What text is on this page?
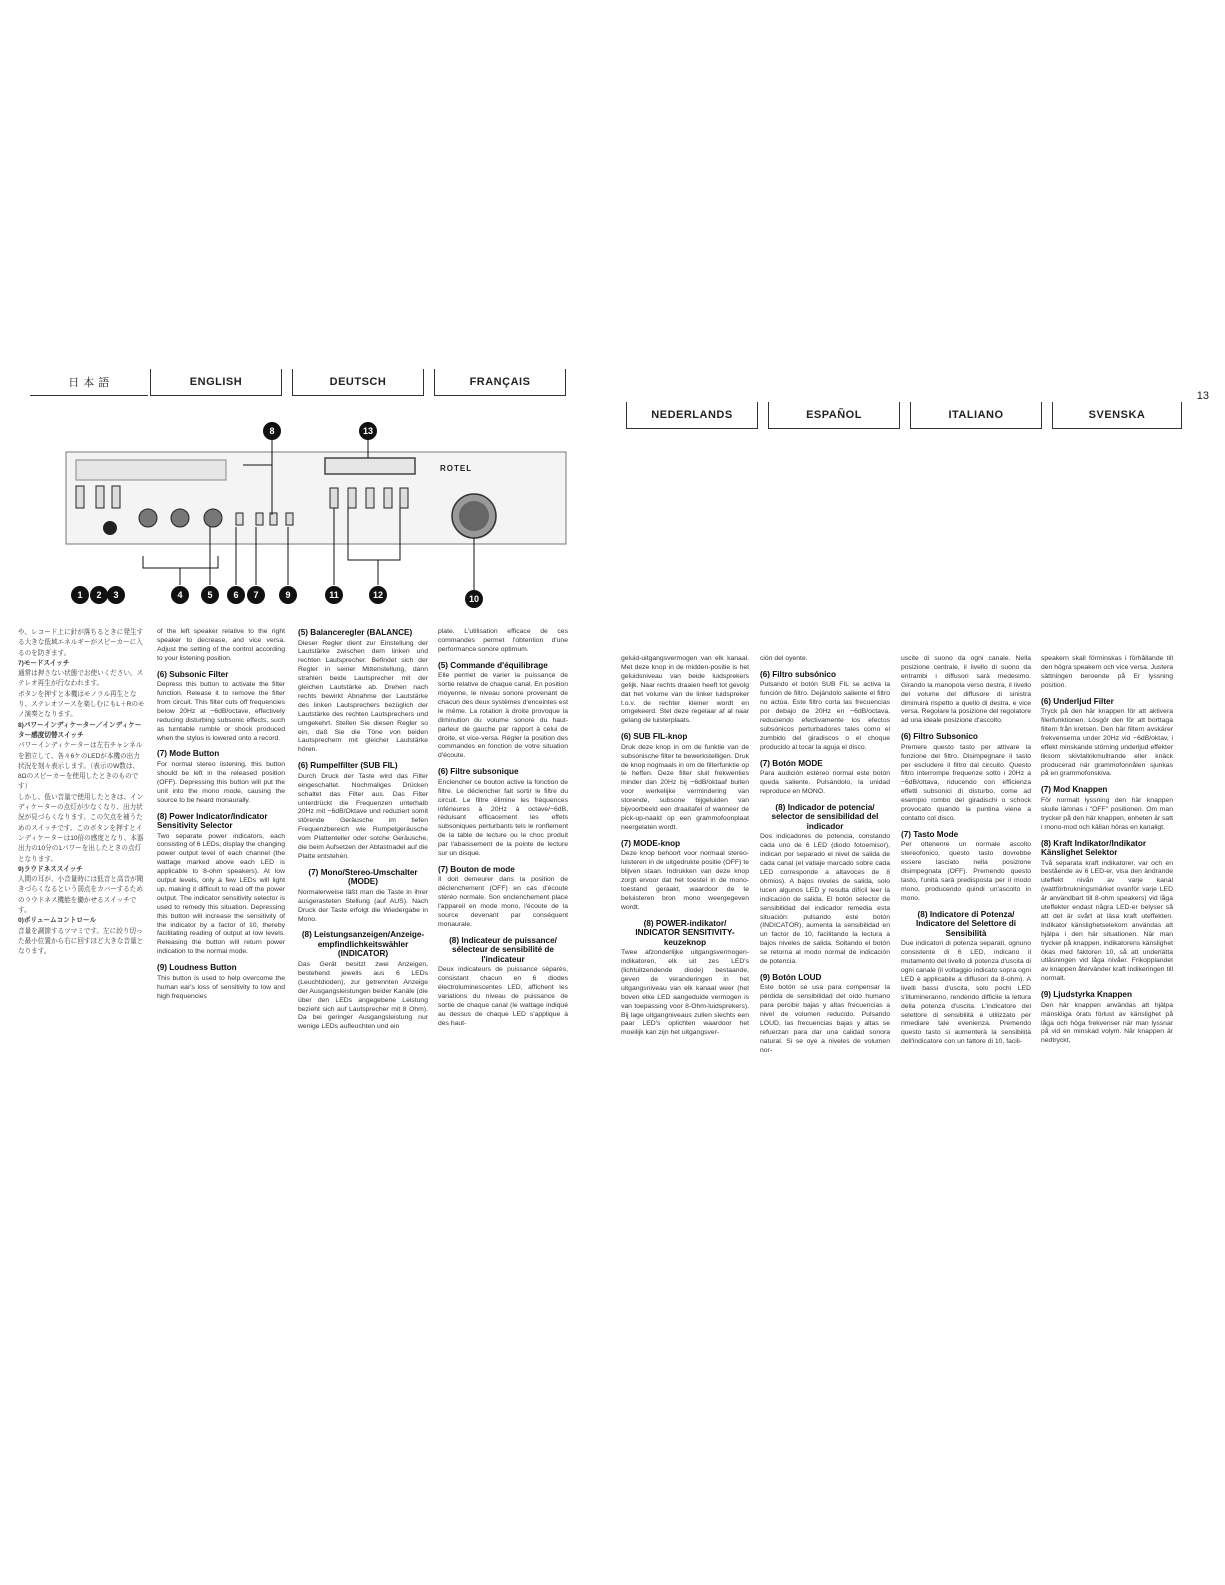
日 本 語	ENGLISH	DEUTSCH	FRANÇAIS
NEDERLANDS	ESPAÑOL	ITALIANO	SVENSKA
13
ROTEL
1 2 3	4	5 6 7
8
9	10
11	12
13

や、レコード上に針が落ちるときに発生する大きな低域エネルギーがスピーカーに入るのを防ぎます。

7)モードスイッチ

通常は押さない状態でお使いください。ステレオ再生が行なわれます。

ボタンを押すと本機はモノラル再生となり、ステレオソースを楽しむにもL＋Rのモノ演奏となります。

8)パワーインディケーター／インディケーター感度切替スイッチ

パワーインディケーターは左右チャンネルを独立して、各々6ケのLEDが本機の出力状況を刻々表示します。（表示のW数は、8Ωのスピーカーを使用したときのものです）

しかし、低い音量で使用したときは、インディケーターの点灯が少なくなり、出力状況が見づらくなります。この欠点を補うためのスイッチです。このボタンを押すとインディケーターは10倍の感度となり、本器出力の10分の1パワーを出したときの点灯となります。

9)ラウドネススイッチ

人間の耳が、小音量時には低音と高音が聞きづらくなるという弱点をカバーするためのラウドネス機能を働かせるスイッチです。

0)ボリュームコントロール

音量を調節するツマミです。左に絞り切った最小位置から右に回すほど大きな音量となります。

of the left speaker relative to the right speaker to decrease, and vice versa. Adjust the setting of the control according to your listening position.

(6) Subsonic Filter

Depress this button to activate the filter function. Release it to remove the filter from circuit. This filter cuts off frequencies below 20Hz at −6dB/octave, effectively reducing disturbing subsonic effects, such as turntable rumble or shock produced when the stylus is lowered onto a record.

(7) Mode Button

For normal stereo listening, this button should be left in the released position (OFF). Depressing this button will put the unit into the mono mode, causing the source to be heard monaurally.

(8) Power Indicator/Indicator Sensitivity Selector

Two separate power indicators, each consisting of 6 LEDs, display the changing power output level of each channel (the wattage marked above each LED is applicable to 8-ohm speakers). At low output levels, only a few LEDs will light up, making it difficult to read off the power output. The indicator sensitivity selector is used to remedy this situation. Depressing this button will increase the sensitivity of the indicator by a factor of 10, thereby facilitating reading of output at low levels. Releasing the button will return power indication to the normal mode.

(9) Loudness Button

This button is used to help overcome the human ear's loss of sensitivity to low and high frequencies

(5) Balanceregler (BALANCE)

Dieser Regler dient zur Einstellung der Lautstärke zwischen dem linken und rechten Lautsprecher. Befindet sich der Regler in seiner Mittenstellung, dann strahlen beide Lautsprecher mit der gleichen Lautstärke ab. Drehen nach rechts bewirkt Abnahme der Lautstärke des linken Lautsprechers bezüglich der Lautstärke des rechten Lautsprechers und umgekehrt. Stellen Sie diesen Regler so ein, daß Sie die Töne von beiden Lautsprechern mit gleicher Lautstärke hören.

(6) Rumpelfilter (SUB FIL)

Durch Druck der Taste wird das Filter eingeschaltet. Nochmaliges Drücken schaltet das Filter aus. Das Filter unterdrückt die Frequenzen unterhalb 20Hz mit −6dB/Oktave und reduziert somit störende Geräusche im tiefen Frequenzbereich wie Rumpelgeräusche vom Plattenteller oder solche Geräusche, die beim Aufsetzen der Abtastnadel auf die Platte entstehen.

(7) Mono/Stereo-Umschalter (MODE)

Normalerweise läßt man die Taste in ihrer ausgerasteten Stellung (auf AUS). Nach Druck der Taste erfolgt die Wiedergabe in Mono.

(8) Leistungsanzeigen/Anzeige-empfindlichkeitswähler (INDICATOR)

Das Gerät besitzt zwei Anzeigen, bestehend jeweils aus 6 LEDs (Leuchtdioden), zur getrennten Anzeige der Ausgangsleistungen beider Kanäle (die über den LEDs angegebene Leistung bezieht sich auf Lautsprecher mit 8 Ohm). Da bei geringer Ausgangsleistung nur wenige LEDs aufleuchten und ein

plate. L'utilisation efficace de ces commandes permet l'obtention d'une performance sonore optimum.

(5) Commande d'équilibrage

Elle permet de varier la puissance de sortie relative de chaque canal. En position moyenne, le niveau sonore provenant de chacun des deux systèmes d'enceintes est le même. La rotation à droite provoque la diminution du volume sonore du haut-parleur de gauche par rapport à celui de droite, et vice-versa. Régler la position des commandes en fonction de votre situation d'écoute.

(6) Filtre subsonique

Enclencher ce bouton active la fonction de filtre. Le déclencher fait sortir le filtre du circuit. Le filtre élimine les fréquences inférieures à 20Hz à octave/−6dB, réduisant efficacement les effets subsoniques perturbants tels le ronflement de la table de lecture ou le choc produit par l'abaissement de la pointe de lecture sur un disque.

(7) Bouton de mode

Il doit demeurer dans la position de déclenchement (OFF) en cas d'écoute stéréo normale. Son enclenchement place l'appareil en mode mono, l'écoute de la source devenant par conséquent monaurale.

(8) Indicateur de puissance/ sélecteur de sensibilité de l'indicateur

Deux indicateurs de puissance séparés, consistant chacun en 6 diodes électroluminescentes LED, affichent les variations du niveau de puissance de sortie de chaque canal (le wattage indiqué au dessus de chaque LED s'applique à des haut-

geluid-uitgangsvermogen van elk kanaal. Met deze knop in de midden-positie is het geluidsniveau van beide luidsprekers gelijk. Naar rechts draaien heeft tot gevolg dat het volume van de linker luidspreker t.o.v. de rechter kleiner wordt en omgekeerd. Stel deze regelaar af al naar gelang de luisterplaats.

(6) SUB FIL-knop

Druk deze knop in om de funktie van de subsonische filter te bewerkstelligen. Druk de knop nogmaals in om de filterfunktie op te heffen. Deze filter sluit frekwenties minder dan 20Hz bij −6dB/oktaaf buiten voor werkelijke vermindering van storende, subsone bijgeluiden van bijvoorbeeld een draaitafel of wanneer de pick-up-naald op een grammofoonplaat neergelaten wordt.

(7) MODE-knop

Deze knop behoort voor normaal stereo-luisteren in de uitgedrukte positie (OFF) te blijven staan. Indrukken van deze knop zorgt ervoor dat het toestel in de mono-toestand geraakt, waardoor de te beluisteren bron mono weergegeven wordt.

(8) POWER-indikator/ INDICATOR SENSITIVITY-keuzeknop

Twee afzonderlijke uitgangsvermogen-indikatoren, elk uit zes LED's (lichtuitzendende diode) bestaande, geven de veranderingen in het uitgangsniveau van elk kanaal weer (het boven elke LED aangeduide vermogen is van toepassing voor 8-Ohm-luidsprekers). Bij lage uitgangniveaus zullen slechts een paar LED's oplichten waardoor het moeilijk kan zijn het uitgangsver-

ción del oyente.

(6) Filtro subsónico

Pulsando el botón SUB FIL se activa la función de filtro. Dejándolo saliente el filtro no actúa. Este filtro corta las frecuencias por debajo de 20Hz en −6dB/octava, reduciendo efectivamente los efectos subsónicos perturbadores tales como el zumbido del giradiscos o el choque producido al tocar la aguja el disco.

(7) Botón MODE

Para audición estéreo normal este botón queda saliente. Pulsándolo, la unidad reproduce en MONO.

(8) Indicador de potencia/ selector de sensibilidad del indicador

Dos indicadores de potencia, constando cada uno de 6 LED (diodo fotoemisor), indican por separado el nivel de salida de cada canal (el vatiaje marcado sobre cada LED corresponde a altavoces de 8 ohmios). A bajos niveles de salida, solo lucen algunos LED y resulta difícil leer la indicación de salida. El botón selector de sensibilidad del indicador remedia esta situación: pulsando este botón (INDICATOR), aumenta la sensibilidad en un factor de 10, facilitando la lectura a bajos niveles de salida. Soltando el botón se retorna al modo normal de indicación de potencia.

(9) Botón LOUD

Este botón se usa para compensar la pérdida de sensibilidad del oído humano para percibir bajas y altas frecuencias a nivel de volumen reducido. Pulsando LOUD, las frecuencias bajas y altas se refuerzan para dar una calidad sonora natural. Si se oye a niveles de volumen nor-

uscite di suono da ogni canale. Nella posizione centrale, il livello di suono da entrambi i diffusori sarà medesimo. Girando la manopola verso destra, il livello del volume del diffusore di sinistra diminuirà rispetto a quello di destra, e vice versa. Regolare la posizione del regolatore ad una ideale posizione d'ascolto.

(6) Filtro Subsonico

Premere questo tasto per attivare la funzione del filtro. Disimpegnare il tasto per escludere il filtro dal circuito. Questo filtro interrompe frequenze sotto i 20Hz a −6dB/ottava, riducendo con efficienza effetti subsonici di disturbo, come ad esempio rombo del giradischi o schock provocato quando la puntina viene a contatto col disco.

(7) Tasto Mode

Per ottenenre un normale ascolto stereofonico, questo tasto dovrebbe essere lasciato nella posizione disimpegnata (OFF). Premendo questo tasto, l'unità sarà predisposta per il modo mono, producendo quindi un'ascolto in mono.

(8) Indicatore di Potenza/ Indicatore del Selettore di Sensibilità

Due indicatori di potenza separati, ognuno consistente di 6 LED, indicano il mutamento del livello di potenza d'uscita di ogni canale (il voltaggio indicato sopra ogni LED è applicabile a diffusori da 8-ohm). A livelli bassi d'uscita, solo pochi LED s'illumineranno, rendendo difficile la lettura della potenza d'uscita. L'indicatore del selettore di sensibilità è utilizzato per rimediare tale evenienza. Premendo questo tasto si aumenterà la sensibilità dell'indicatore con un fattore di 10, facili-

speakern skall förminskas i förhållande till den högra speakern och vice versa. Justera sättningen beroende på Er lyssning position.

(6) Underljud Filter

Tryck på den här knappen för att aktivera filerfunktionen. Lösgör den för att borttaga filtern från kretsen. Den här filtern avskärer frekvenserna under 20Hz vid −6dB/oktav, i effekt minskande störning underljud effekter liksom skivtallrikmullrande eller knäck producerad när grammofonnålen sjunkas på en grammofonskiva.

(7) Mod Knappen

För normalt lyssning den här knappen skulle lämnas i "OFF" positionen. Om man trycker på den här knappen, enheten är satt i mono-mod och källan höras en kanaligt.

(8) Kraft Indikator/Indikator Känslighet Selektor

Två separata kraft indikatorer, var och en bestående av 6 LED-er, visa den ändrande uteffekt nivån av varje kanal (wattförbrukningsmärket ovanför varje LED är användbart till 8-ohm speakers) vid låga uteffekter endast några LED-er belyser så att det är svårt at läsa kraft uteffekten. Indikator känslighetselekorn användas att hjälpa i den här situationen. När man trycker på knappen, indikatorens känslighet ökas med faktoren 10, så att underlätta utläsningen vid låga nivåer. Frikopplandet av knappen återvänder kraft indikeringen till normalt.

(9) Ljudstyrka Knappen

Den här knappen användas att hjälpa mänskliga örats förlust av känslighet på låga och höga frekvenser när man lyssnar på vid en minskad volym. När knappen är nedtryckt,
